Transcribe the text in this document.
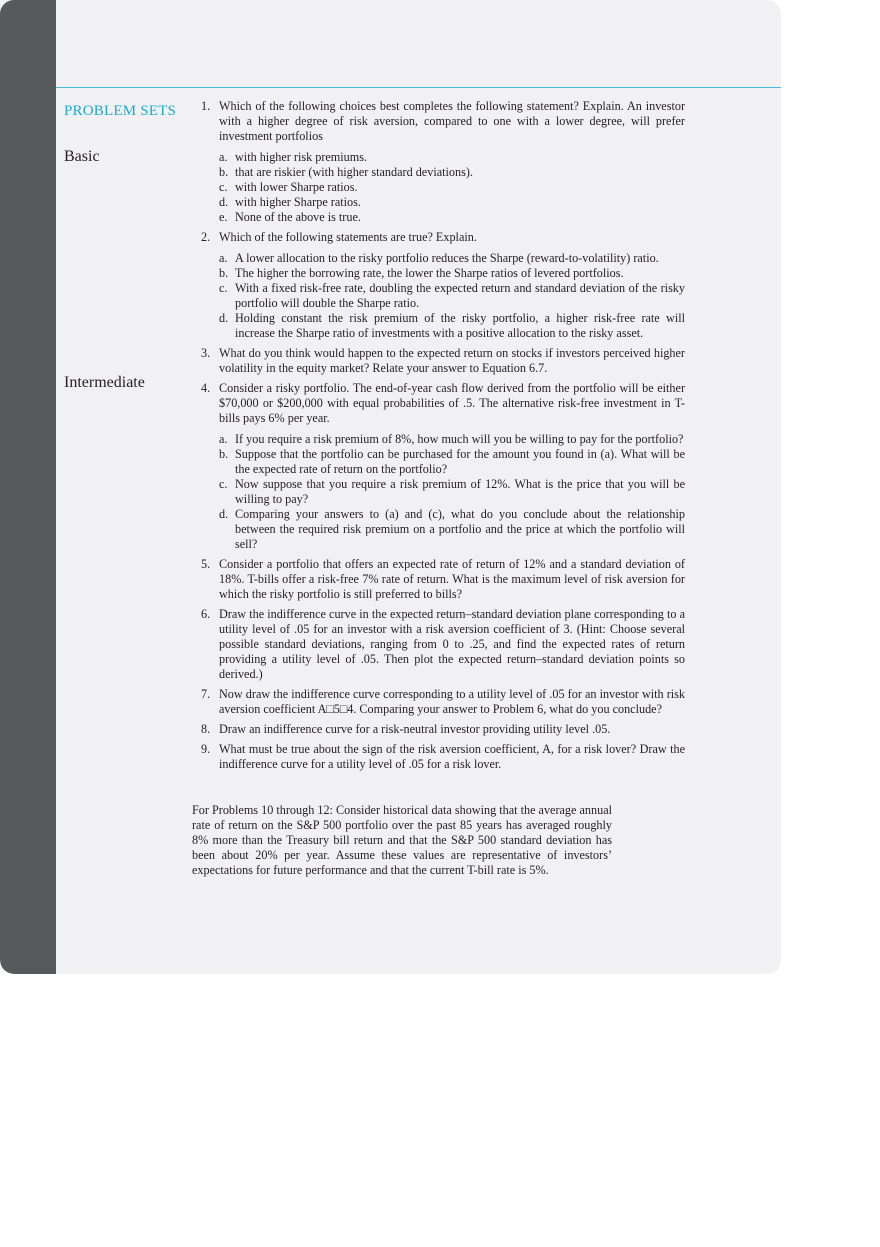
PROBLEM SETS
Basic
Intermediate
1. Which of the following choices best completes the following statement? Explain. An investor with a higher degree of risk aversion, compared to one with a lower degree, will prefer investment portfolios
a. with higher risk premiums.
b. that are riskier (with higher standard deviations).
c. with lower Sharpe ratios.
d. with higher Sharpe ratios.
e. None of the above is true.
2. Which of the following statements are true? Explain.
a. A lower allocation to the risky portfolio reduces the Sharpe (reward-to-volatility) ratio.
b. The higher the borrowing rate, the lower the Sharpe ratios of levered portfolios.
c. With a fixed risk-free rate, doubling the expected return and standard deviation of the risky portfolio will double the Sharpe ratio.
d. Holding constant the risk premium of the risky portfolio, a higher risk-free rate will increase the Sharpe ratio of investments with a positive allocation to the risky asset.
3. What do you think would happen to the expected return on stocks if investors perceived higher volatility in the equity market? Relate your answer to Equation 6.7.
4. Consider a risky portfolio. The end-of-year cash flow derived from the portfolio will be either $70,000 or $200,000 with equal probabilities of .5. The alternative risk-free investment in T-bills pays 6% per year.
a. If you require a risk premium of 8%, how much will you be willing to pay for the portfolio?
b. Suppose that the portfolio can be purchased for the amount you found in (a). What will be the expected rate of return on the portfolio?
c. Now suppose that you require a risk premium of 12%. What is the price that you will be willing to pay?
d. Comparing your answers to (a) and (c), what do you conclude about the relationship between the required risk premium on a portfolio and the price at which the portfolio will sell?
5. Consider a portfolio that offers an expected rate of return of 12% and a standard deviation of 18%. T-bills offer a risk-free 7% rate of return. What is the maximum level of risk aversion for which the risky portfolio is still preferred to bills?
6. Draw the indifference curve in the expected return–standard deviation plane corresponding to a utility level of .05 for an investor with a risk aversion coefficient of 3. (Hint: Choose several possible standard deviations, ranging from 0 to .25, and find the expected rates of return providing a utility level of .05. Then plot the expected return–standard deviation points so derived.)
7. Now draw the indifference curve corresponding to a utility level of .05 for an investor with risk aversion coefficient A□5□4. Comparing your answer to Problem 6, what do you conclude?
8. Draw an indifference curve for a risk-neutral investor providing utility level .05.
9. What must be true about the sign of the risk aversion coefficient, A, for a risk lover? Draw the indifference curve for a utility level of .05 for a risk lover.
For Problems 10 through 12: Consider historical data showing that the average annual rate of return on the S&P 500 portfolio over the past 85 years has averaged roughly 8% more than the Treasury bill return and that the S&P 500 standard deviation has been about 20% per year. Assume these values are representative of investors’ expectations for future performance and that the current T-bill rate is 5%.
